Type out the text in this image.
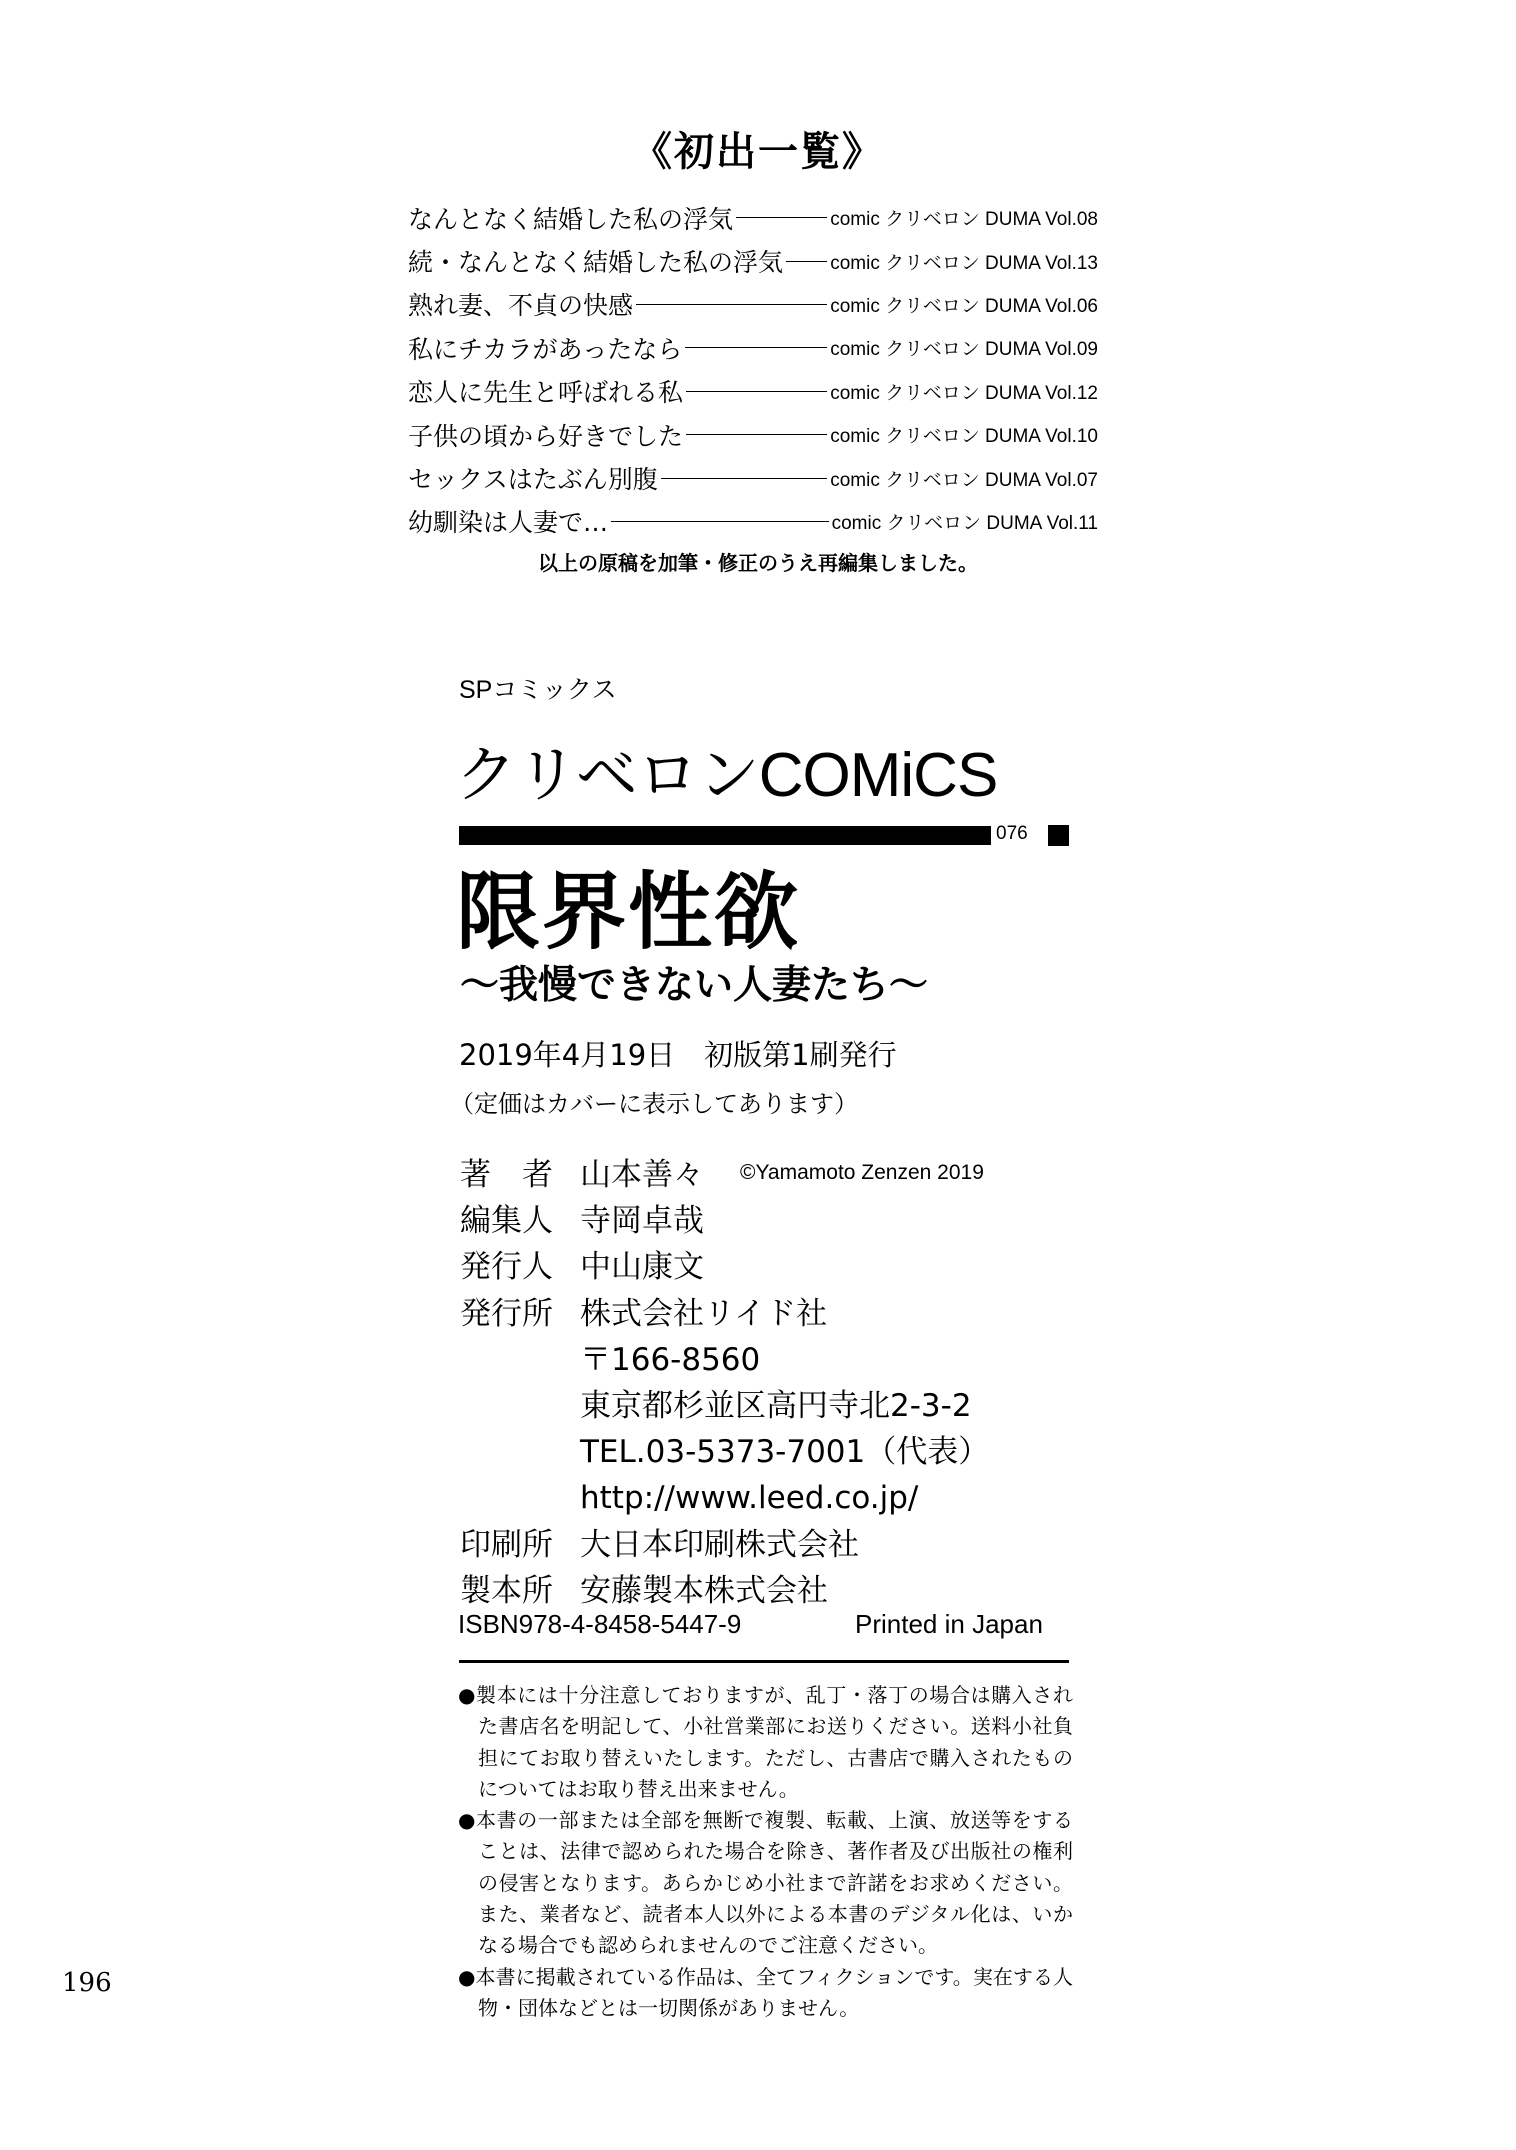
《初出一覧》
なんとなく結婚した私の浮気	comic クリベロン DUMA Vol.08
続・なんとなく結婚した私の浮気 comic クリベロン DUMA Vol.13
熟れ妻、不貞の快感	comic クリベロン DUMA Vol.06
私にチカラがあったなら	comic クリベロン DUMA Vol.09
恋人に先生と呼ばれる私	comic クリベロン DUMA Vol.12
子供の頃から好きでした	comic クリベロン DUMA Vol.10
セックスはたぶん別腹	comic クリベロン DUMA Vol.07
幼馴染は人妻で…	comic クリベロン DUMA Vol.11
以上の原稿を加筆・修正のうえ再編集しました。
SPコミックス
クリベロンCOMiCS
076
限界性欲
〜我慢できない人妻たち〜
2019年4月19日　初版第1刷発行
（定価はカバーに表示してあります）
著　者 山本善々 ©Yamamoto Zenzen 2019
編集人 寺岡卓哉
発行人 中山康文
発行所 株式会社リイド社
〒166-8560
東京都杉並区高円寺北2-3-2
TEL.03-5373-7001（代表）
http://www.leed.co.jp/
印刷所 大日本印刷株式会社
製本所 安藤製本株式会社
ISBN978-4-8458-5447-9	Printed in Japan
●製本には十分注意しておりますが、乱丁・落丁の場合は購入された書店名を明記して、小社営業部にお送りください。送料小社負担にてお取り替えいたします。ただし、古書店で購入されたものについてはお取り替え出来ません。
●本書の一部または全部を無断で複製、転載、上演、放送等をすることは、法律で認められた場合を除き、著作者及び出版社の権利の侵害となります。あらかじめ小社まで許諾をお求めください。また、業者など、読者本人以外による本書のデジタル化は、いかなる場合でも認められませんのでご注意ください。
●本書に掲載されている作品は、全てフィクションです。実在する人物・団体などとは一切関係がありません。
196
